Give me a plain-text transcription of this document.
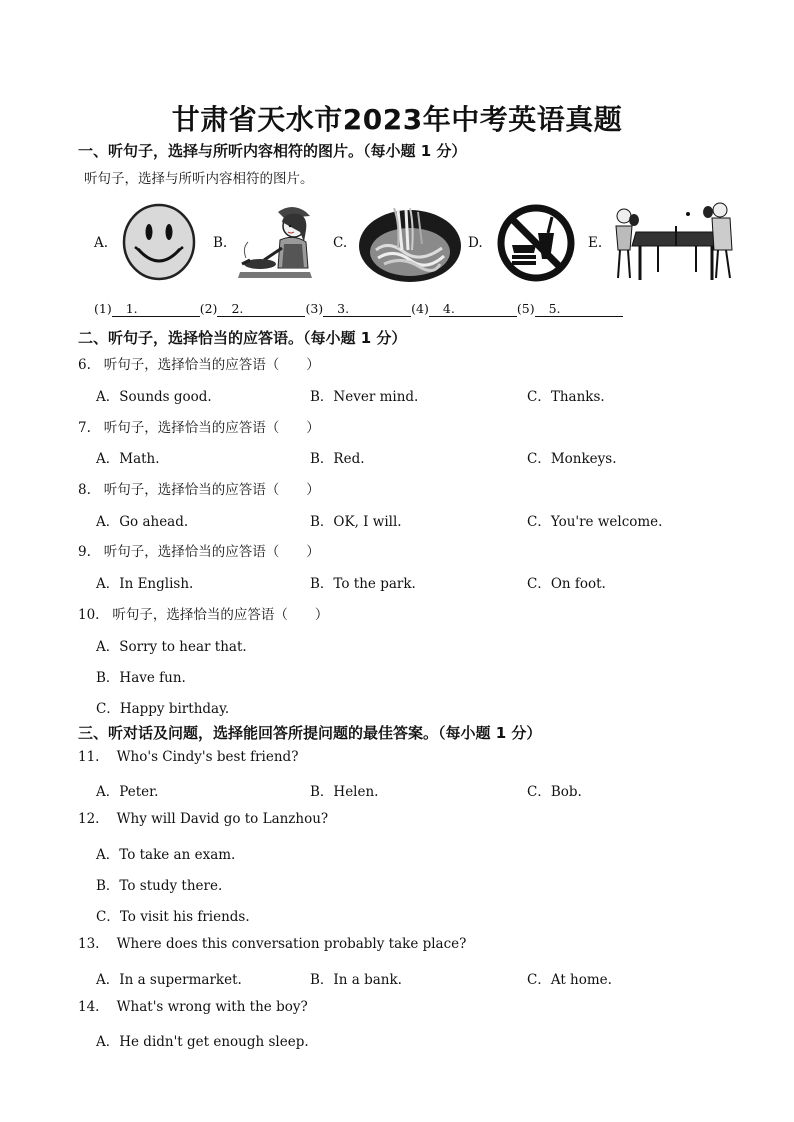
甘肃省天水市2023年中考英语真题
一、听句子，选择与所听内容相符的图片。（每小题 1 分）
听句子，选择与所听内容相符的图片。
A.	B.	C.	D.	E.
(1) 1.	(2) 2.	(3) 3.	(4) 4.	(5) 5.
二、听句子，选择恰当的应答语。（每小题 1 分）
6. 听句子，选择恰当的应答语（　　）
A．Sounds good.	B．Never mind.	C．Thanks.
7. 听句子，选择恰当的应答语（　　）
A．Math.	B．Red.	C．Monkeys.
8. 听句子，选择恰当的应答语（　　）
A．Go ahead.	B．OK, I will.	C．You're welcome.
9. 听句子，选择恰当的应答语（　　）
A．In English.	B．To the park.	C．On foot.
10. 听句子，选择恰当的应答语（　　）
A．Sorry to hear that.
B．Have fun.
C．Happy birthday.
三、听对话及问题，选择能回答所提问题的最佳答案。（每小题 1 分）
11. Who's Cindy's best friend?
A．Peter.	B．Helen.	C．Bob.
12. Why will David go to Lanzhou?
A．To take an exam.
B．To study there.
C．To visit his friends.
13. Where does this conversation probably take place?
A．In a supermarket.	B．In a bank.	C．At home.
14. What's wrong with the boy?
A．He didn't get enough sleep.
